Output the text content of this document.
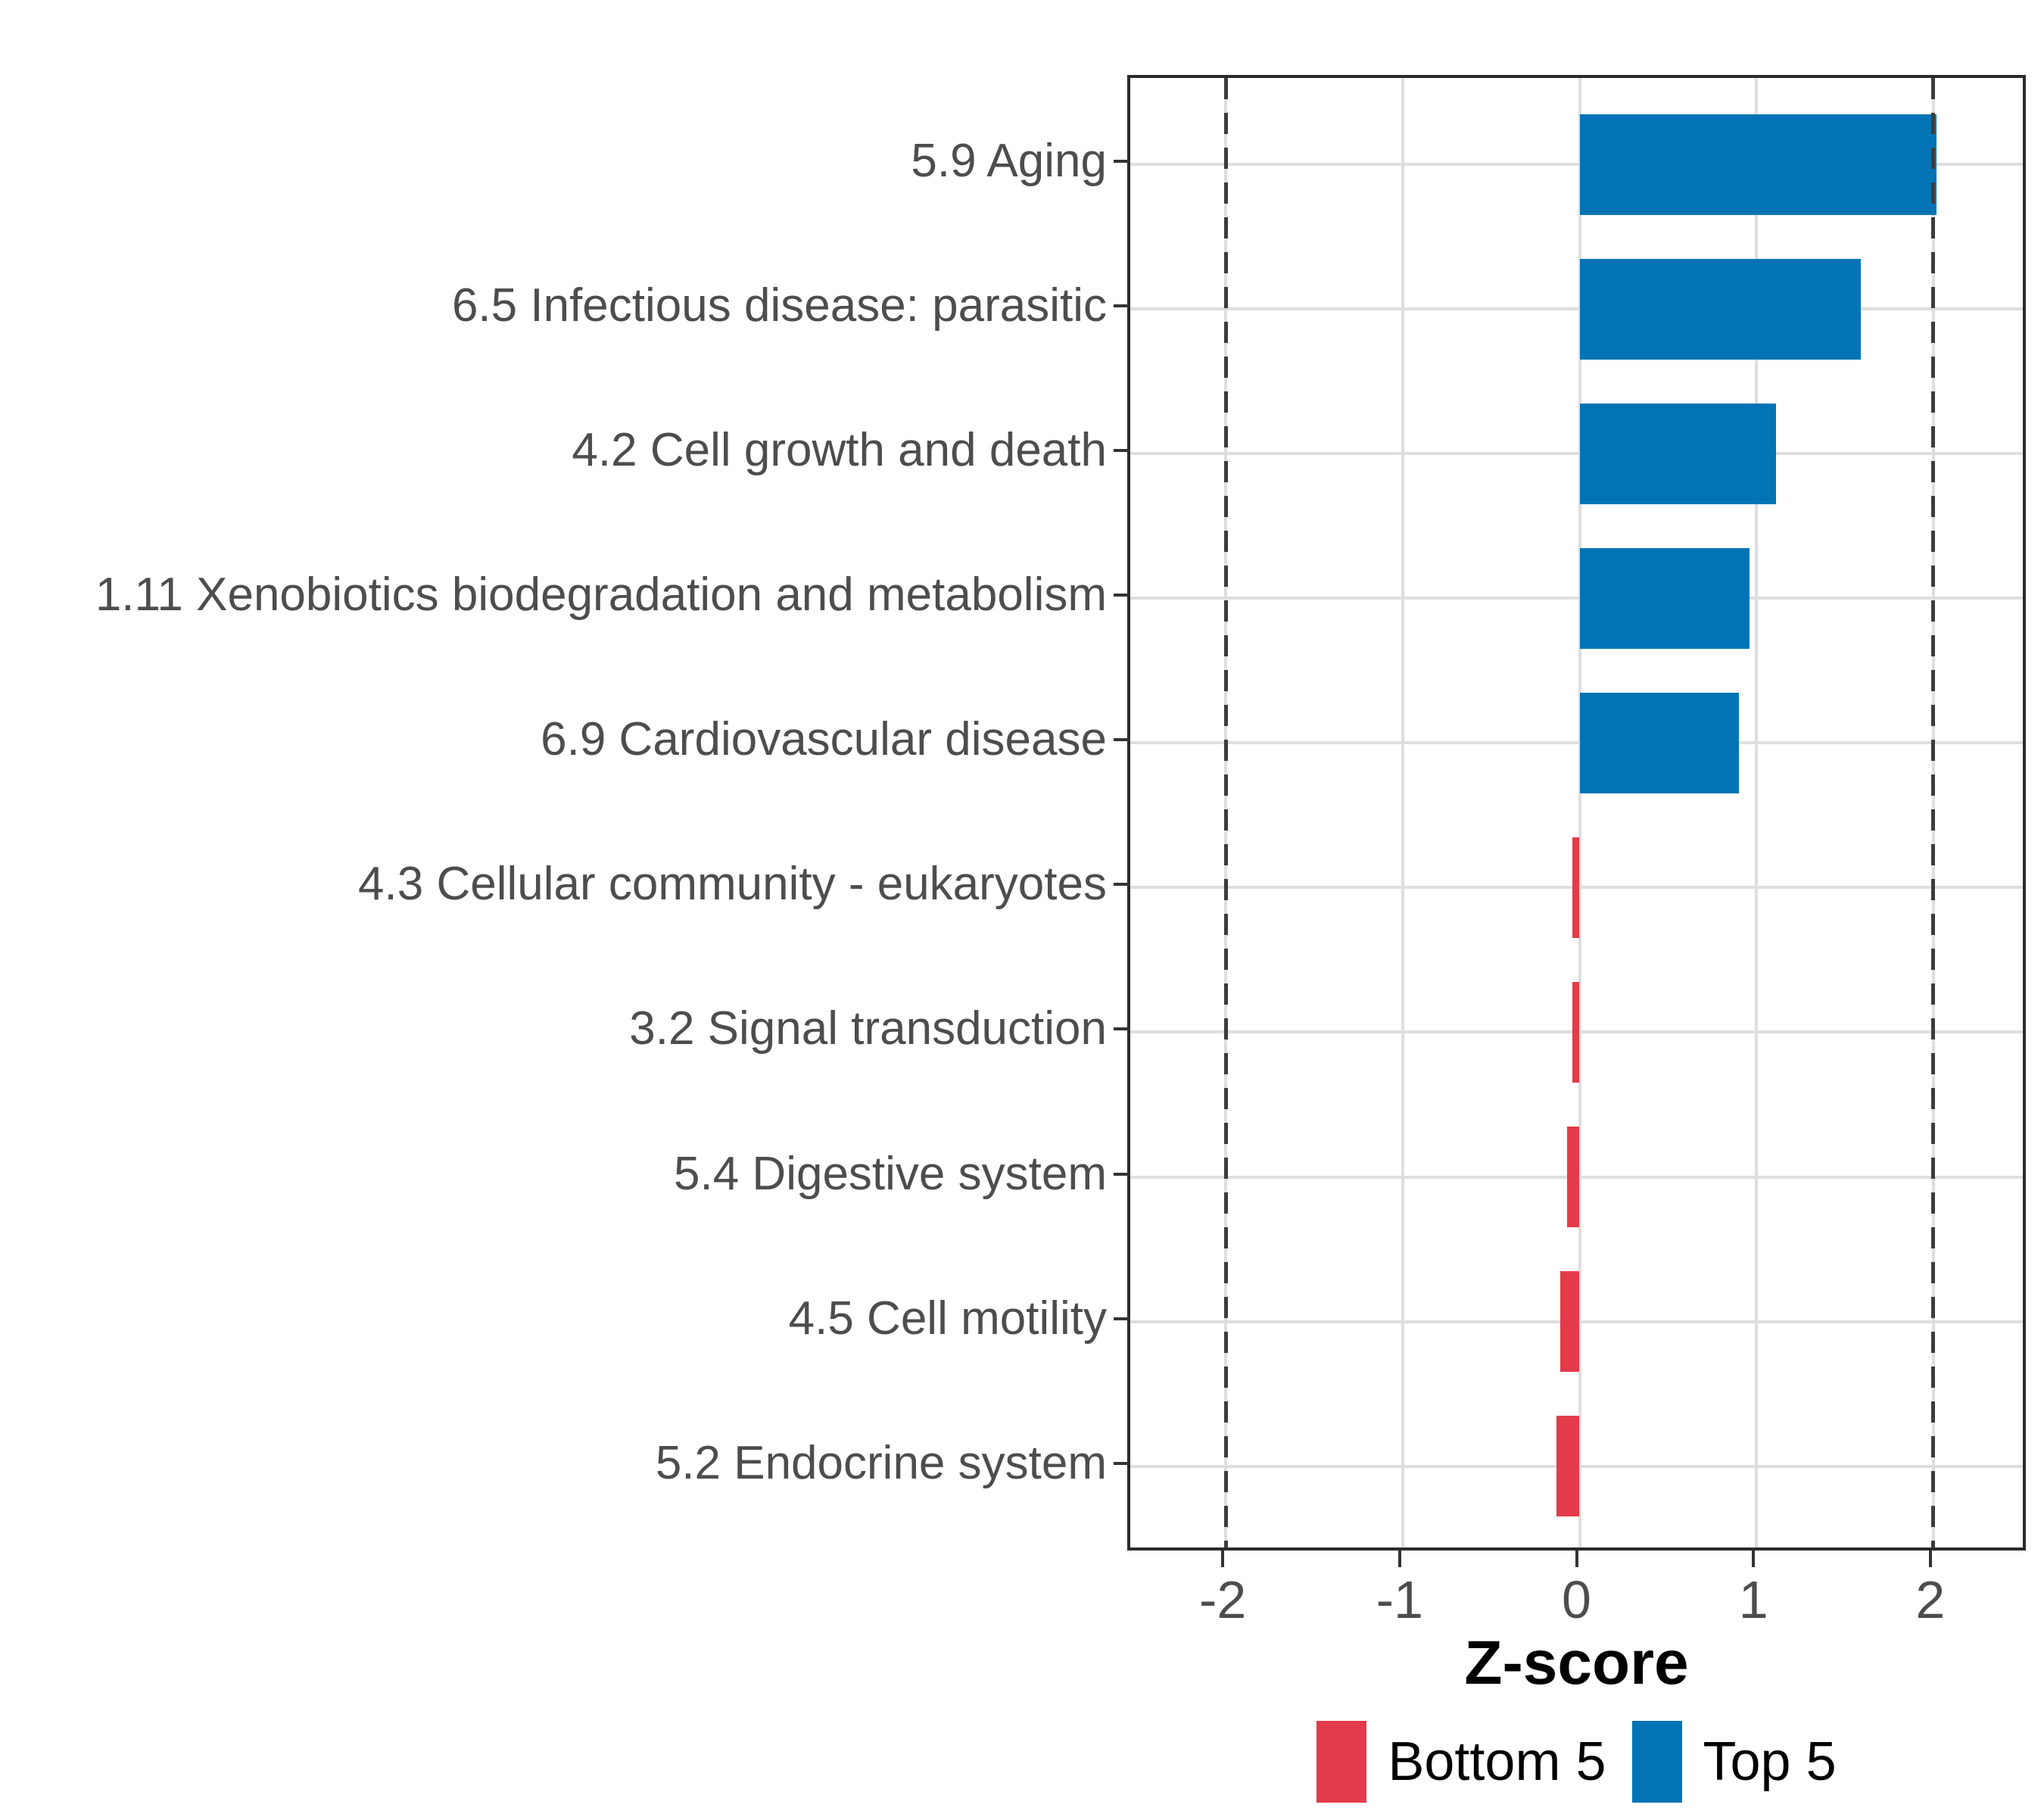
Z-score
Bottom 5 Top 5
-2	-1	0	1	2
5.9 Aging
6.5 Infectious disease: parasitic
4.2 Cell growth and death
1.11 Xenobiotics biodegradation and metabolism
6.9 Cardiovascular disease
4.3 Cellular community - eukaryotes
3.2 Signal transduction
5.4 Digestive system
4.5 Cell motility
5.2 Endocrine system
